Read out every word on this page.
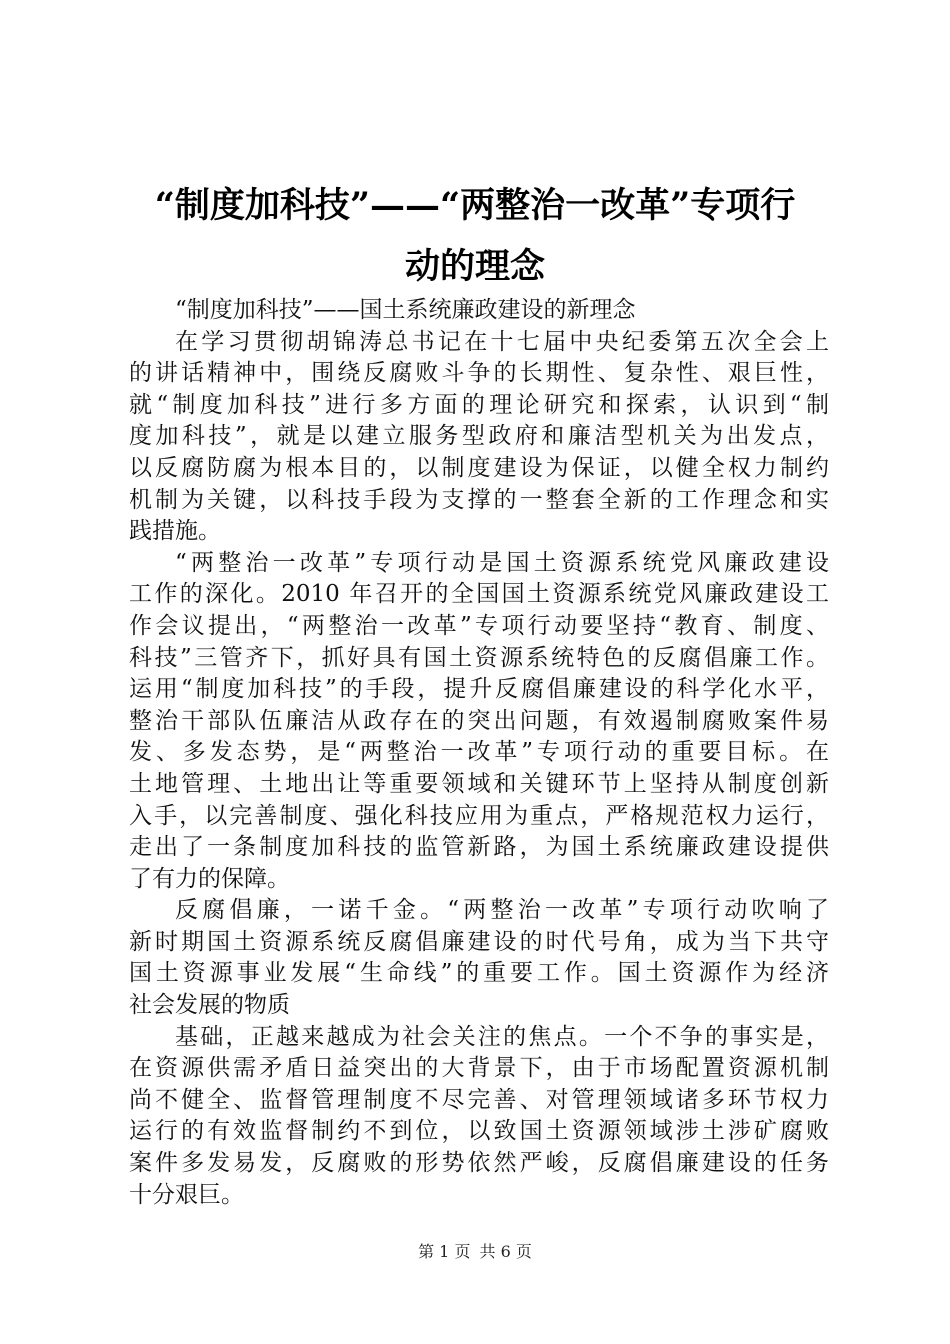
“制度加科技”——“两整治一改革”专项行
动的理念
“制度加科技”——国土系统廉政建设的新理念
在学习贯彻胡锦涛总书记在十七届中央纪委第五次全会上
的讲话精神中，围绕反腐败斗争的长期性、复杂性、艰巨性，
就“制度加科技”进行多方面的理论研究和探索，认识到“制
度加科技”，就是以建立服务型政府和廉洁型机关为出发点，
以反腐防腐为根本目的，以制度建设为保证，以健全权力制约
机制为关键，以科技手段为支撑的一整套全新的工作理念和实
践措施。
“两整治一改革”专项行动是国土资源系统党风廉政建设
工作的深化。2010 年召开的全国国土资源系统党风廉政建设工
作会议提出，“两整治一改革”专项行动要坚持“教育、制度、
科技”三管齐下，抓好具有国土资源系统特色的反腐倡廉工作。
运用“制度加科技”的手段，提升反腐倡廉建设的科学化水平，
整治干部队伍廉洁从政存在的突出问题，有效遏制腐败案件易
发、多发态势，是“两整治一改革”专项行动的重要目标。在
土地管理、土地出让等重要领域和关键环节上坚持从制度创新
入手，以完善制度、强化科技应用为重点，严格规范权力运行，
走出了一条制度加科技的监管新路，为国土系统廉政建设提供
了有力的保障。
反腐倡廉，一诺千金。“两整治一改革”专项行动吹响了
新时期国土资源系统反腐倡廉建设的时代号角，成为当下共守
国土资源事业发展“生命线”的重要工作。国土资源作为经济
社会发展的物质
基础，正越来越成为社会关注的焦点。一个不争的事实是，
在资源供需矛盾日益突出的大背景下，由于市场配置资源机制
尚不健全、监督管理制度不尽完善、对管理领域诸多环节权力
运行的有效监督制约不到位，以致国土资源领域涉土涉矿腐败
案件多发易发，反腐败的形势依然严峻，反腐倡廉建设的任务
十分艰巨。
第 1 页 共 6 页
